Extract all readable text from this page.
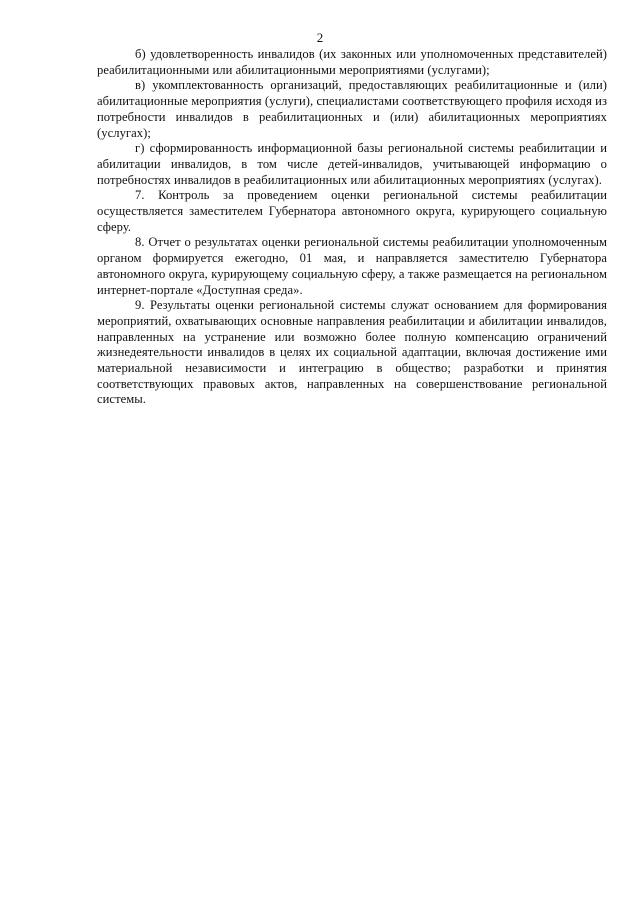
2

б) удовлетворенность инвалидов (их законных или уполномоченных представителей) реабилитационными или абилитационными мероприятиями (услугами);

в) укомплектованность организаций, предоставляющих реабилитационные и (или) абилитационные мероприятия (услуги), специалистами соответствующего профиля исходя из потребности инвалидов в реабилитационных и (или) абилитационных мероприятиях (услугах);

г) сформированность информационной базы региональной системы реабилитации и абилитации инвалидов, в том числе детей-инвалидов, учитывающей информацию о потребностях инвалидов в реабилитационных или абилитационных мероприятиях (услугах).

7. Контроль за проведением оценки региональной системы реабилитации осуществляется заместителем Губернатора автономного округа, курирующего социальную сферу.

8. Отчет о результатах оценки региональной системы реабилитации уполномоченным органом формируется ежегодно, 01 мая, и направляется заместителю Губернатора автономного округа, курирующему социальную сферу, а также размещается на региональном интернет-портале «Доступная среда».

9. Результаты оценки региональной системы служат основанием для формирования мероприятий, охватывающих основные направления реабилитации и абилитации инвалидов, направленных на устранение или возможно более полную компенсацию ограничений жизнедеятельности инвалидов в целях их социальной адаптации, включая достижение ими материальной независимости и интеграцию в общество; разработки и принятия соответствующих правовых актов, направленных на совершенствование региональной системы.
